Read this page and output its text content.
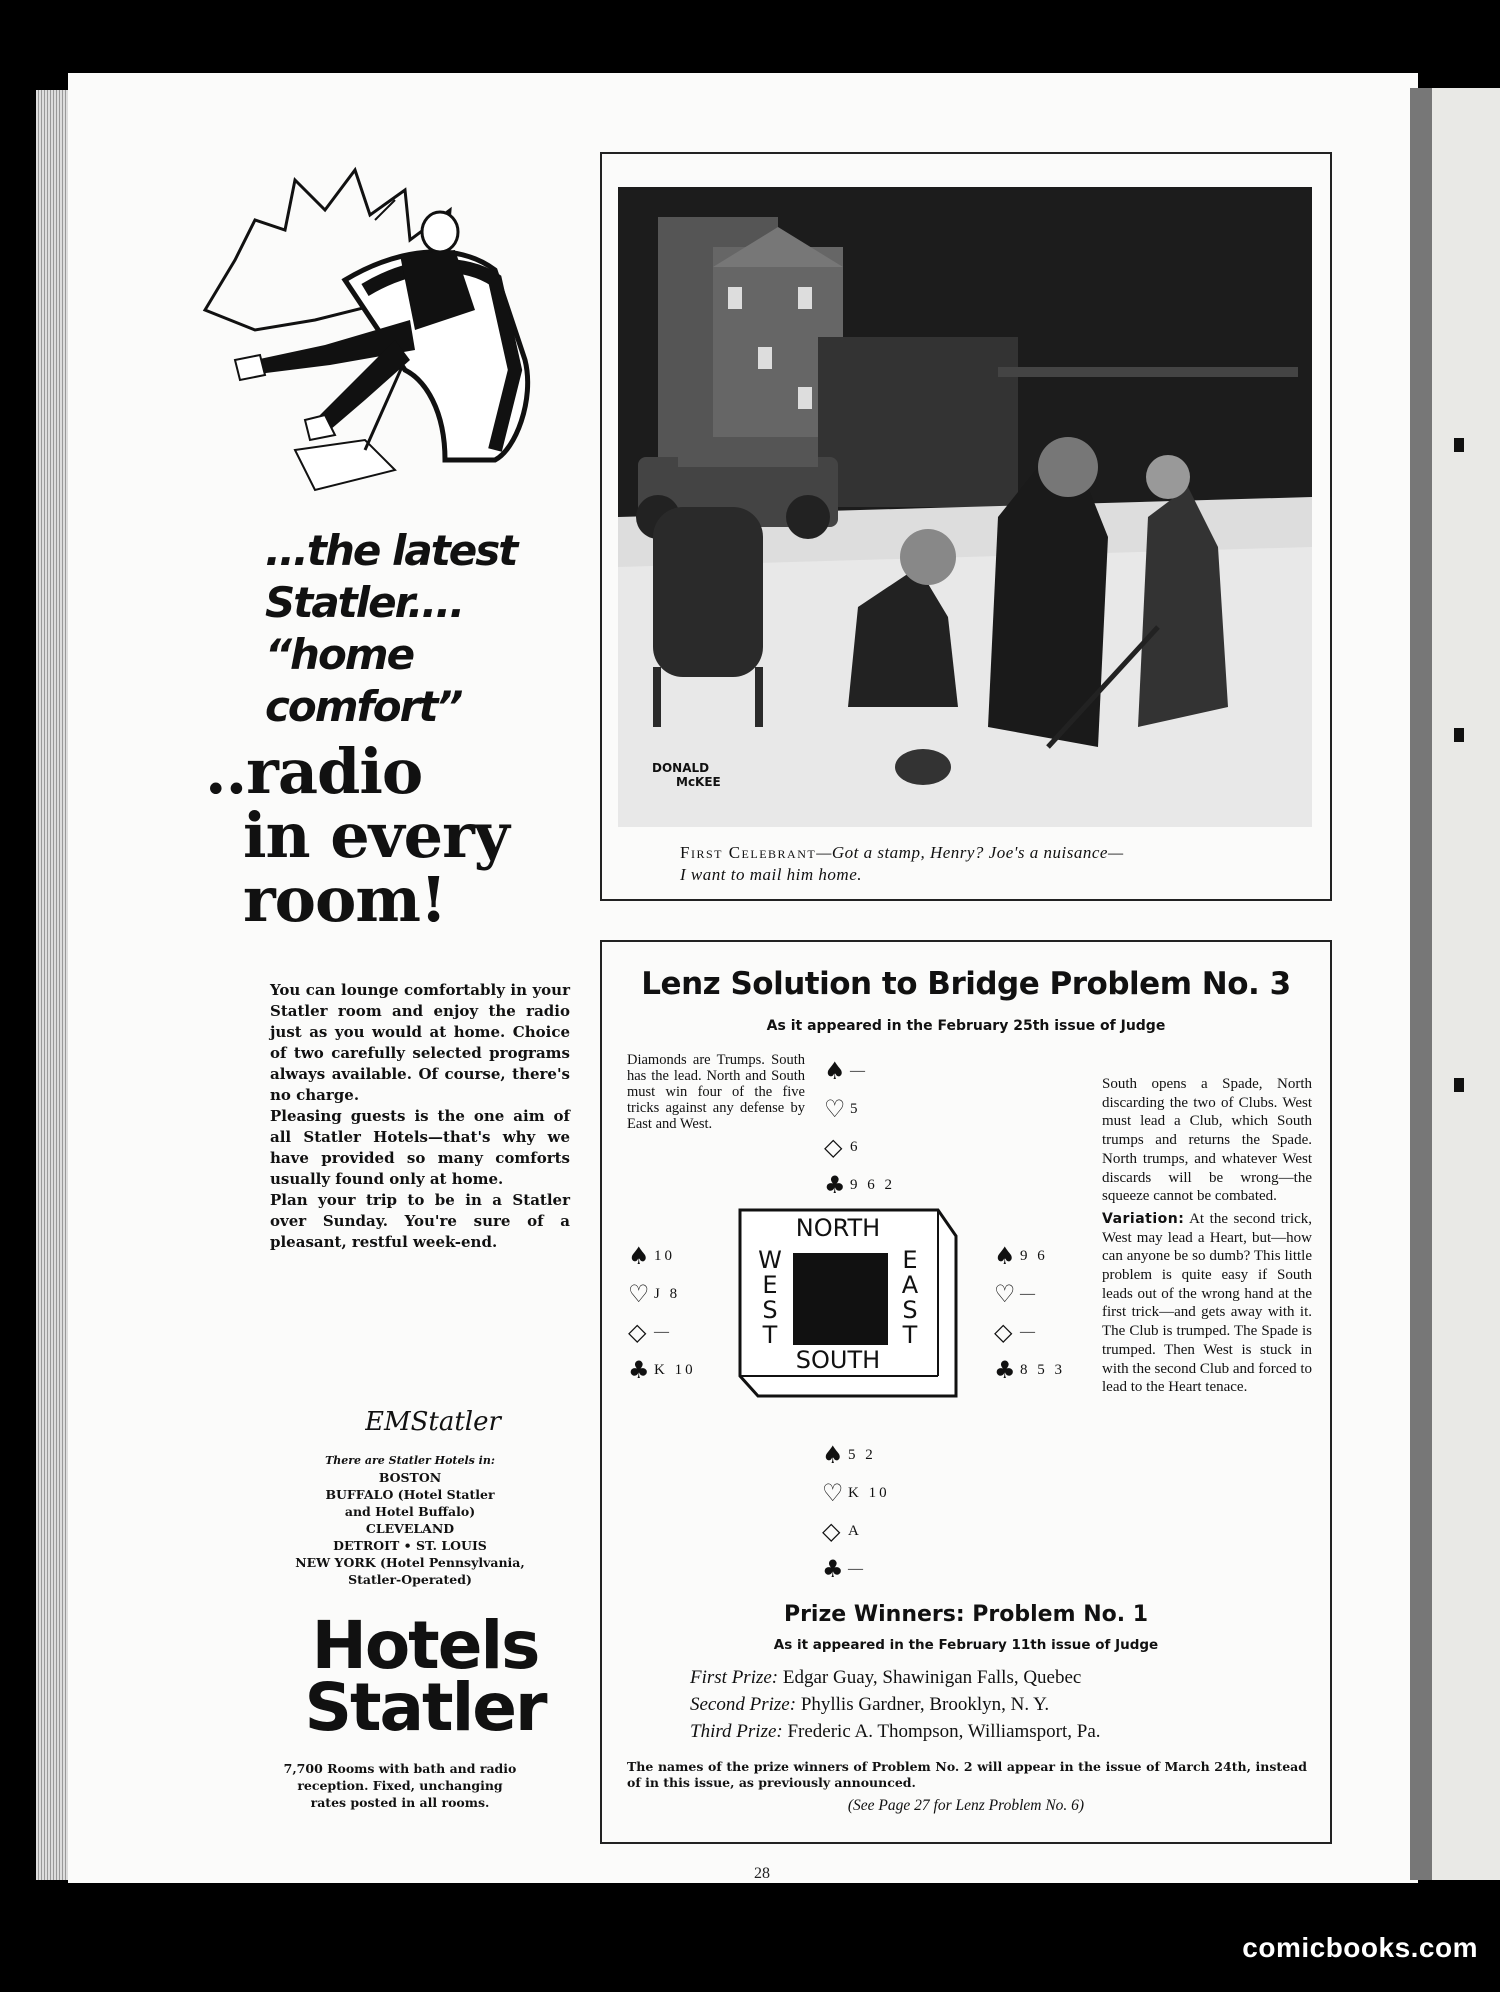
...the latest
Statler....
“home comfort”
..radio
in every
room!

You can lounge comfortably in your Statler room and enjoy the radio just as you would at home. Choice of two carefully selected programs always available. Of course, there's no charge.

Pleasing guests is the one aim of all Statler Hotels—that's why we have provided so many comforts usually found only at home.

Plan your trip to be in a Statler over Sunday. You're sure of a pleasant, restful week-end.

EMStatler
There are Statler Hotels in:
BOSTON
BUFFALO (Hotel Statler
and Hotel Buffalo)
CLEVELAND
DETROIT • ST. LOUIS
NEW YORK (Hotel Pennsylvania,
Statler-Operated)
Hotels
Statler
7,700 Rooms with bath and radio reception. Fixed, unchanging rates posted in all rooms.
DONALD
McKEE
First Celebrant—Got a stamp, Henry? Joe's a nuisance—
I want to mail him home.
Lenz Solution to Bridge Problem No. 3
As it appeared in the February 25th issue of Judge
Diamonds are Trumps. South has the lead. North and South must win four of the five tricks against any defense by East and West.
♠ —
♡ 5
◇ 6
♣ 9 6 2
♠ 10
♡ J 8
◇ —
♣ K 10
♠ 9 6
♡ —
◇ —
♣ 8 5 3
♠ 5 2
♡ K 10
◇ A
♣ —
NORTH
SOUTH
W
E
S
T
E
A
S
T

South opens a Spade, North discarding the two of Clubs. West must lead a Club, which South trumps and returns the Spade. North trumps, and whatever West discards will be wrong—the squeeze cannot be combated.

Variation: At the second trick, West may lead a Heart, but—how can anyone be so dumb? This little problem is quite easy if South leads out of the wrong hand at the first trick—and gets away with it. The Club is trumped. The Spade is trumped. Then West is stuck in with the second Club and forced to lead to the Heart tenace.

Prize Winners: Problem No. 1
As it appeared in the February 11th issue of Judge
First Prize: Edgar Guay, Shawinigan Falls, Quebec
Second Prize: Phyllis Gardner, Brooklyn, N. Y.
Third Prize: Frederic A. Thompson, Williamsport, Pa.
The names of the prize winners of Problem No. 2 will appear in the issue of March 24th, instead of in this issue, as previously announced.
(See Page 27 for Lenz Problem No. 6)
28
comicbooks.com
